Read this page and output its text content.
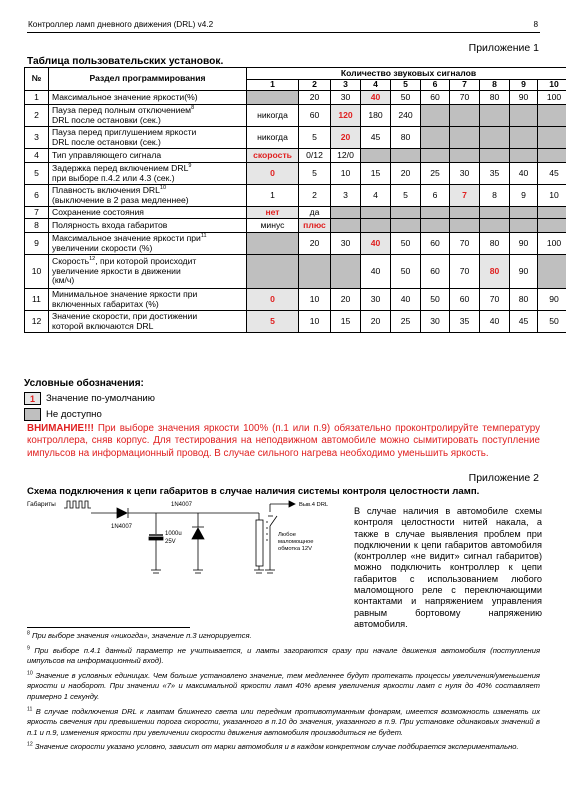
Контроллер ламп дневного движения (DRL) v4.2	8
Приложение 1
Таблица пользовательских установок.
№	Раздел программирования	Количество звуковых сигналов									
		1	2	3	4	5	6	7	8	9	10
1	Максимальное значение яркости(%)		20	30	40	50	60	70	80	90	100
2	Пауза перед полным отключением$^8$
DRL после остановки (сек.)	никогда	60	120	180	240					
3	Пауза перед приглушением яркости
DRL после остановки (сек.)	никогда	5	20	45	80					
4	Тип управляющего сигнала	скорость	0/12	12/0							
5	Задержка перед включением DRL$^9$
при выборе п.4.2 или 4.3 (сек.)	0	5	10	15	20	25	30	35	40	45
6	Плавность включения DRL$^{10}$
(выключение в 2 раза медленнее)	1	2	3	4	5	6	7	8	9	10
7	Сохранение состояния	нет	да								
8	Полярность входа габаритов	минус	плюс								
9	Максимальное значение яркости при$^{11}$
увеличении скорости (%)		20	30	40	50	60	70	80	90	100
10	Скорость$^{12}$, при которой происходит
увеличение яркости в движении
(км/ч)				40	50	60	70	80	90	
11	Минимальное значение яркости при
включенных габаритах (%)	0	10	20	30	40	50	60	70	80	90
12	Значение скорости, при достижении
которой включаются DRL	5	10	15	20	25	30	35	40	45	50
Условные обозначения:
1	Значение по-умолчанию
Не доступно
ВНИМАНИЕ!!! При выборе значения яркости 100% (п.1 или п.9) обязательно проконтролируйте температуру контроллера, сняв корпус. Для тестирования на неподвижном автомобиле можно сымитировать поступление импульсов на информационный провод. В случае сильного нагрева необходимо уменьшить яркость.
Приложение 2
Схема подключения к цепи габаритов в случае наличия системы контроля целостности ламп.
Габариты
1N4007
1N4007
1000u
25V
Выв.4 DRL
Любое
маломощное
обмотка 12V
В случае наличия в автомобиле схемы контроля целостности нитей накала, а также в случае выявления проблем при подключении к цепи габаритов автомобиля (контроллер «не видит» сигнал габаритов) можно подключить контроллер к цепи габаритов с использованием любого маломощного реле с переключающими контактами и напряжением управления равным бортовому напряжению автомобиля.

$^8$ При выборе значения «никогда», значение п.3 игнорируется.

$^9$ При выборе п.4.1 данный параметр не учитывается, и лампы загораются сразу при начале движения автомобиля (поступления импульсов на информационный вход).

$^{10}$ Значение в условных единицах. Чем больше установлено значение, тем медленнее будут протекать процессы увеличения/уменьшения яркости и наоборот. При значении «7» и максимальной яркости ламп 40% время увеличения яркости ламп с нуля до 40% составляет примерно 1 секунду.

$^{11}$ В случае подключения DRL к лампам ближнего света или передним противотуманным фонарям, имеется возможность изменять их яркость свечения при превышении порога скорости, указанного в п.10 до значения, указанного в п.9. При установке одинаковых значений в п.1 и п.9, изменения яркости при увеличении скорости движения автомобиля производиться не будет.

$^{12}$ Значение скорости указано условно, зависит от марки автомобиля и в каждом конкретном случае подбирается экспериментально.
